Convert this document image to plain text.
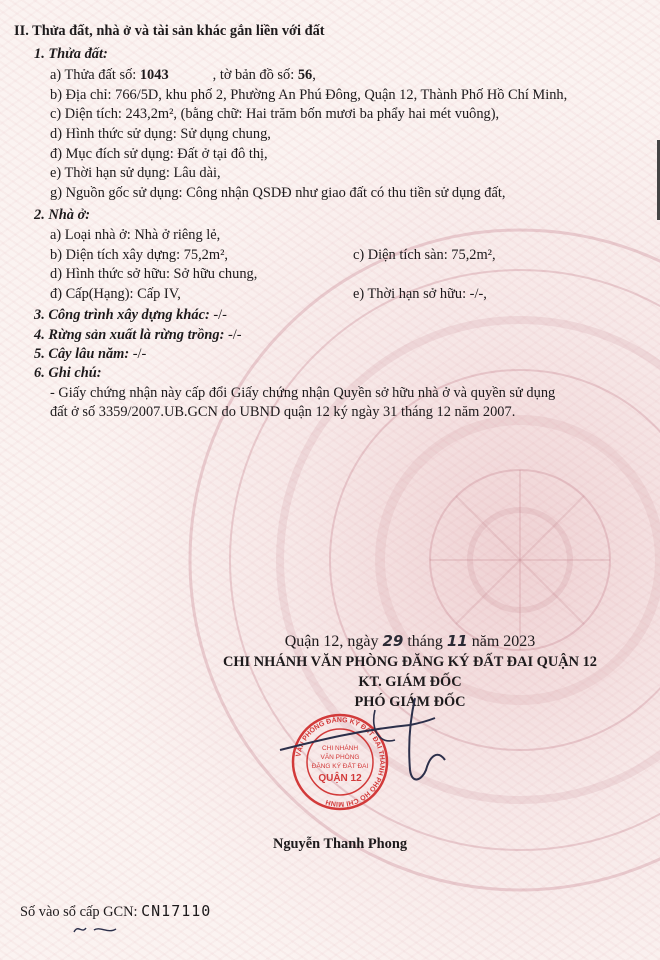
II. Thửa đất, nhà ở và tài sản khác gắn liền với đất
1. Thửa đất:
a) Thửa đất số: 1043	, tờ bản đồ số: 56,
b) Địa chỉ: 766/5D, khu phố 2, Phường An Phú Đông, Quận 12, Thành Phố Hồ Chí Minh,
c) Diện tích: 243,2m², (bằng chữ: Hai trăm bốn mươi ba phẩy hai mét vuông),
d) Hình thức sử dụng: Sử dụng chung,
đ) Mục đích sử dụng: Đất ở tại đô thị,
e) Thời hạn sử dụng: Lâu dài,
g) Nguồn gốc sử dụng: Công nhận QSDĐ như giao đất có thu tiền sử dụng đất,
2. Nhà ở:
a) Loại nhà ở: Nhà ở riêng lẻ,
b) Diện tích xây dựng: 75,2m²,	c) Diện tích sàn: 75,2m²,
d) Hình thức sở hữu: Sở hữu chung,
đ) Cấp(Hạng): Cấp IV,	e) Thời hạn sở hữu: -/-,
3. Công trình xây dựng khác: -/-
4. Rừng sản xuất là rừng trồng: -/-
5. Cây lâu năm: -/-
6. Ghi chú:
- Giấy chứng nhận này cấp đổi Giấy chứng nhận Quyền sở hữu nhà ở và quyền sử dụng
đất ở số 3359/2007.UB.GCN do UBND quận 12 ký ngày 31 tháng 12 năm 2007.
Quận 12, ngày 29 tháng 11 năm 2023
CHI NHÁNH VĂN PHÒNG ĐĂNG KÝ ĐẤT ĐAI QUẬN 12
KT. GIÁM ĐỐC
PHÓ GIÁM ĐỐC
VĂN PHÒNG ĐĂNG KÝ ĐẤT ĐAI THÀNH PHỐ HỒ CHÍ MINH
CHI NHÁNH
VĂN PHÒNG
ĐĂNG KÝ ĐẤT ĐAI
QUẬN 12
Nguyễn Thanh Phong
Số vào sổ cấp GCN: CN17110
